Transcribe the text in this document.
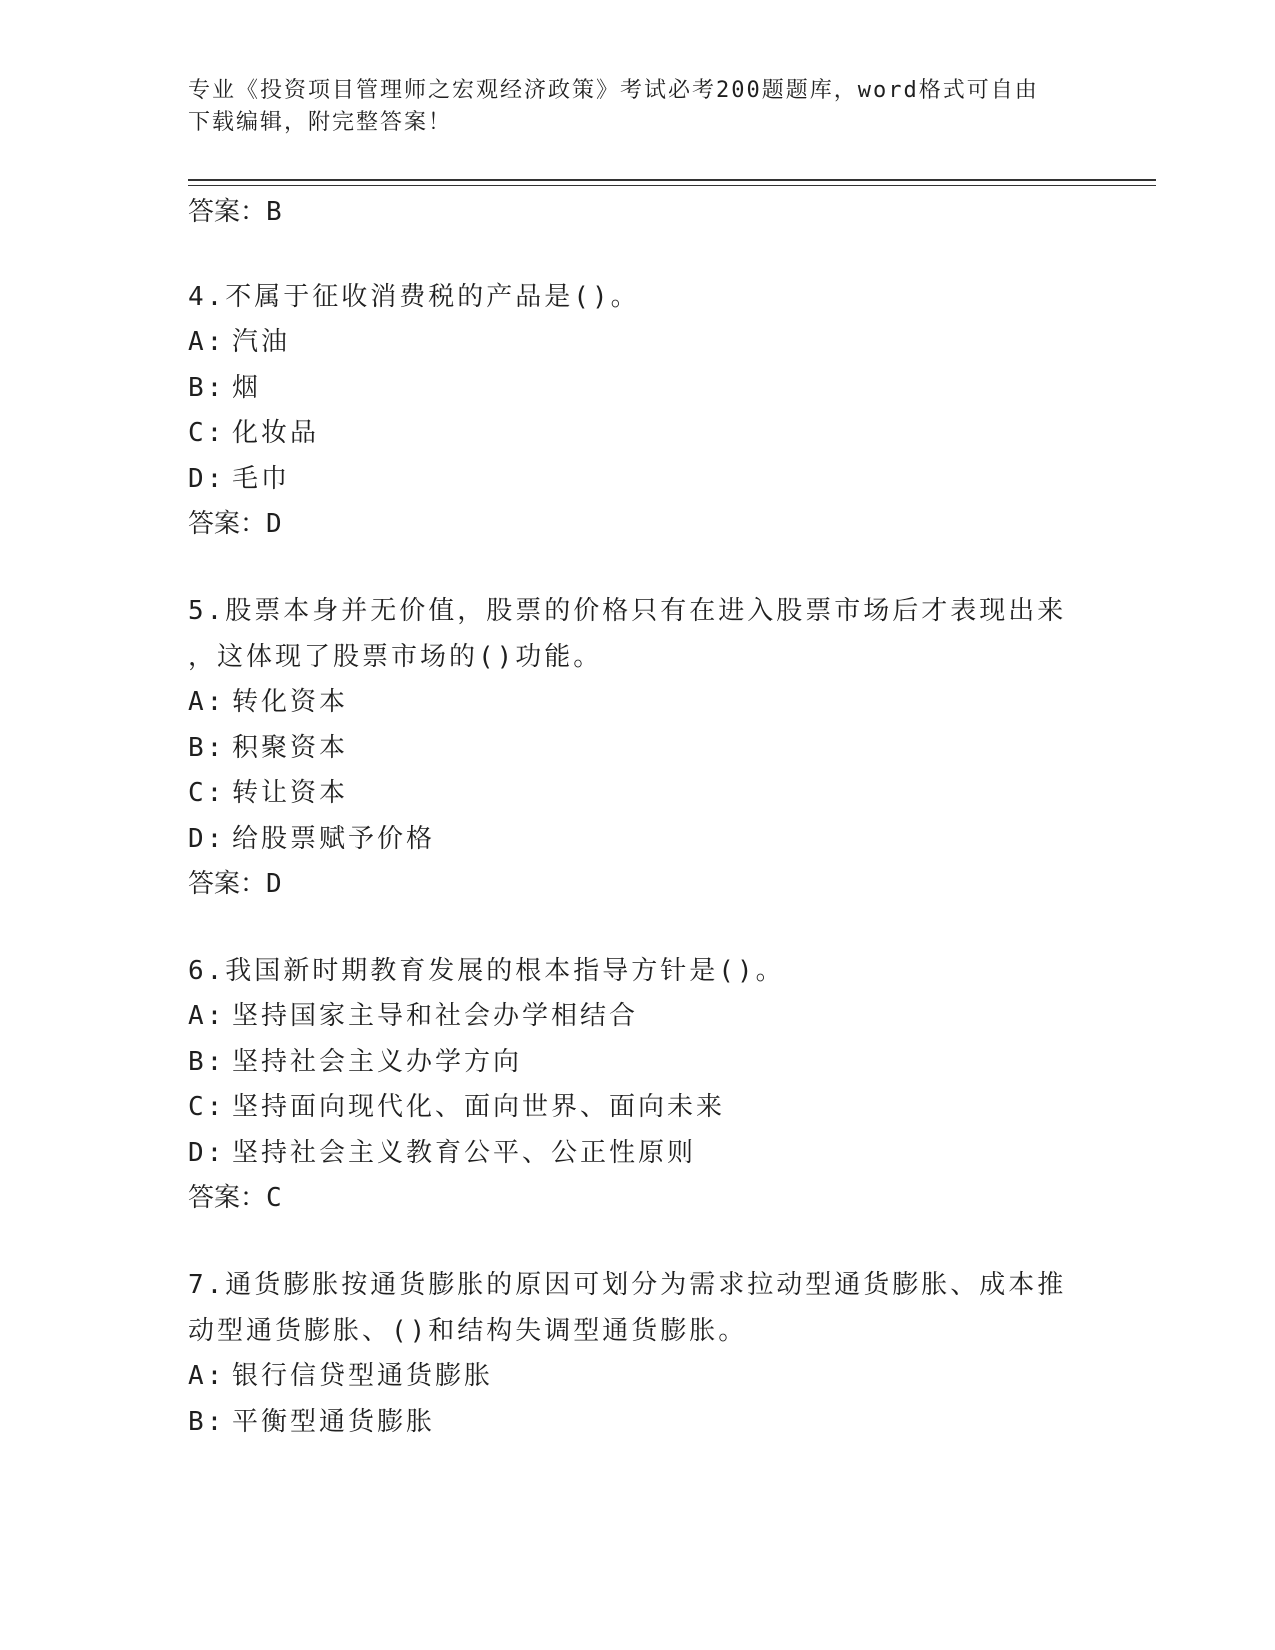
专业《投资项目管理师之宏观经济政策》考试必考200题题库，word格式可自由
下载编辑，附完整答案！
答案：B
4.不属于征收消费税的产品是()。
A: 汽油
B: 烟
C: 化妆品
D: 毛巾
答案：D
5.股票本身并无价值，股票的价格只有在进入股票市场后才表现出来
，这体现了股票市场的()功能。
A: 转化资本
B: 积聚资本
C: 转让资本
D: 给股票赋予价格
答案：D
6.我国新时期教育发展的根本指导方针是()。
A: 坚持国家主导和社会办学相结合
B: 坚持社会主义办学方向
C: 坚持面向现代化、面向世界、面向未来
D: 坚持社会主义教育公平、公正性原则
答案：C
7.通货膨胀按通货膨胀的原因可划分为需求拉动型通货膨胀、成本推
动型通货膨胀、()和结构失调型通货膨胀。
A: 银行信贷型通货膨胀
B: 平衡型通货膨胀
